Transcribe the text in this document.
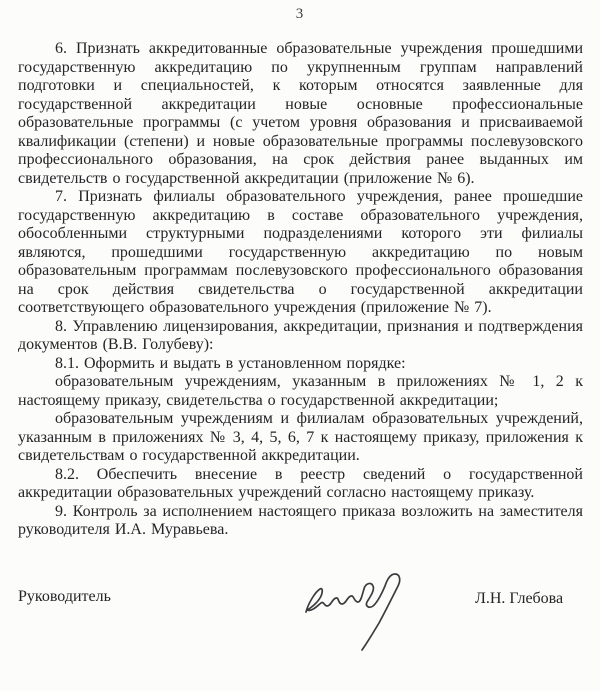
3

6. Признать аккредитованные образовательные учреждения прошедшими государственную аккредитацию по укрупненным группам направлений подготовки и специальностей, к которым относятся заявленные для государственной аккредитации новые основные профессиональные образовательные программы (с учетом уровня образования и присваиваемой квалификации (степени) и новые образовательные программы послевузовского профессионального образования, на срок действия ранее выданных им свидетельств о государственной аккредитации (приложение № 6).

7. Признать филиалы образовательного учреждения, ранее прошедшие государственную аккредитацию в составе образовательного учреждения, обособленными структурными подразделениями которого эти филиалы являются, прошедшими государственную аккредитацию по новым образовательным программам послевузовского профессионального образования на срок действия свидетельства о государственной аккредитации соответствующего образовательного учреждения (приложение № 7).

8. Управлению лицензирования, аккредитации, признания и подтверждения документов (В.В. Голубеву):

8.1. Оформить и выдать в установленном порядке:

образовательным учреждениям, указанным в приложениях № 1, 2 к настоящему приказу, свидетельства о государственной аккредитации;

образовательным учреждениям и филиалам образовательных учреждений, указанным в приложениях № 3, 4, 5, 6, 7 к настоящему приказу, приложения к свидетельствам о государственной аккредитации.

8.2. Обеспечить внесение в реестр сведений о государственной аккредитации образовательных учреждений согласно настоящему приказу.

9. Контроль за исполнением настоящего приказа возложить на заместителя руководителя И.А. Муравьева.

Руководитель	Л.Н. Глебова
